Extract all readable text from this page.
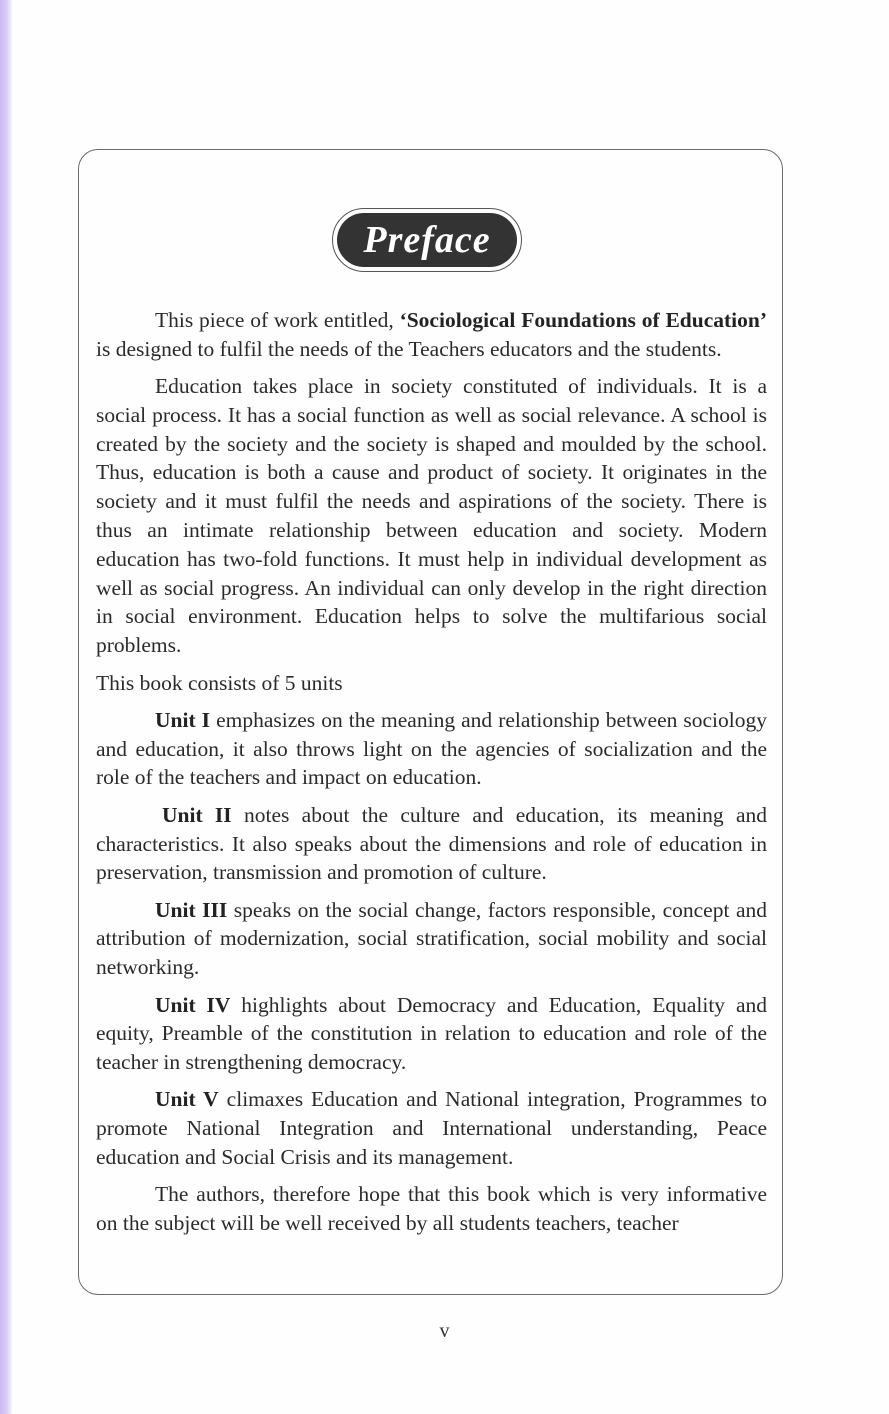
Preface

This piece of work entitled, ‘Sociological Foundations of Education’ is designed to fulfil the needs of the Teachers educators and the students.

Education takes place in society constituted of individuals. It is a social process. It has a social function as well as social relevance. A school is created by the society and the society is shaped and moulded by the school. Thus, education is both a cause and product of society. It originates in the society and it must fulfil the needs and aspirations of the society. There is thus an intimate relationship between education and society. Modern education has two-fold functions. It must help in individual development as well as social progress. An individual can only develop in the right direction in social environment. Education helps to solve the multifarious social problems.

This book consists of 5 units

Unit I emphasizes on the meaning and relationship between sociology and education, it also throws light on the agencies of socialization and the role of the teachers and impact on education.

Unit II notes about the culture and education, its meaning and characteristics. It also speaks about the dimensions and role of education in preservation, transmission and promotion of culture.

Unit III speaks on the social change, factors responsible, concept and attribution of modernization, social stratification, social mobility and social networking.

Unit IV highlights about Democracy and Education, Equality and equity, Preamble of the constitution in relation to education and role of the teacher in strengthening democracy.

Unit V climaxes Education and National integration, Programmes to promote National Integration and International understanding, Peace education and Social Crisis and its management.

The authors, therefore hope that this book which is very informative on the subject will be well received by all students teachers, teacher

v
